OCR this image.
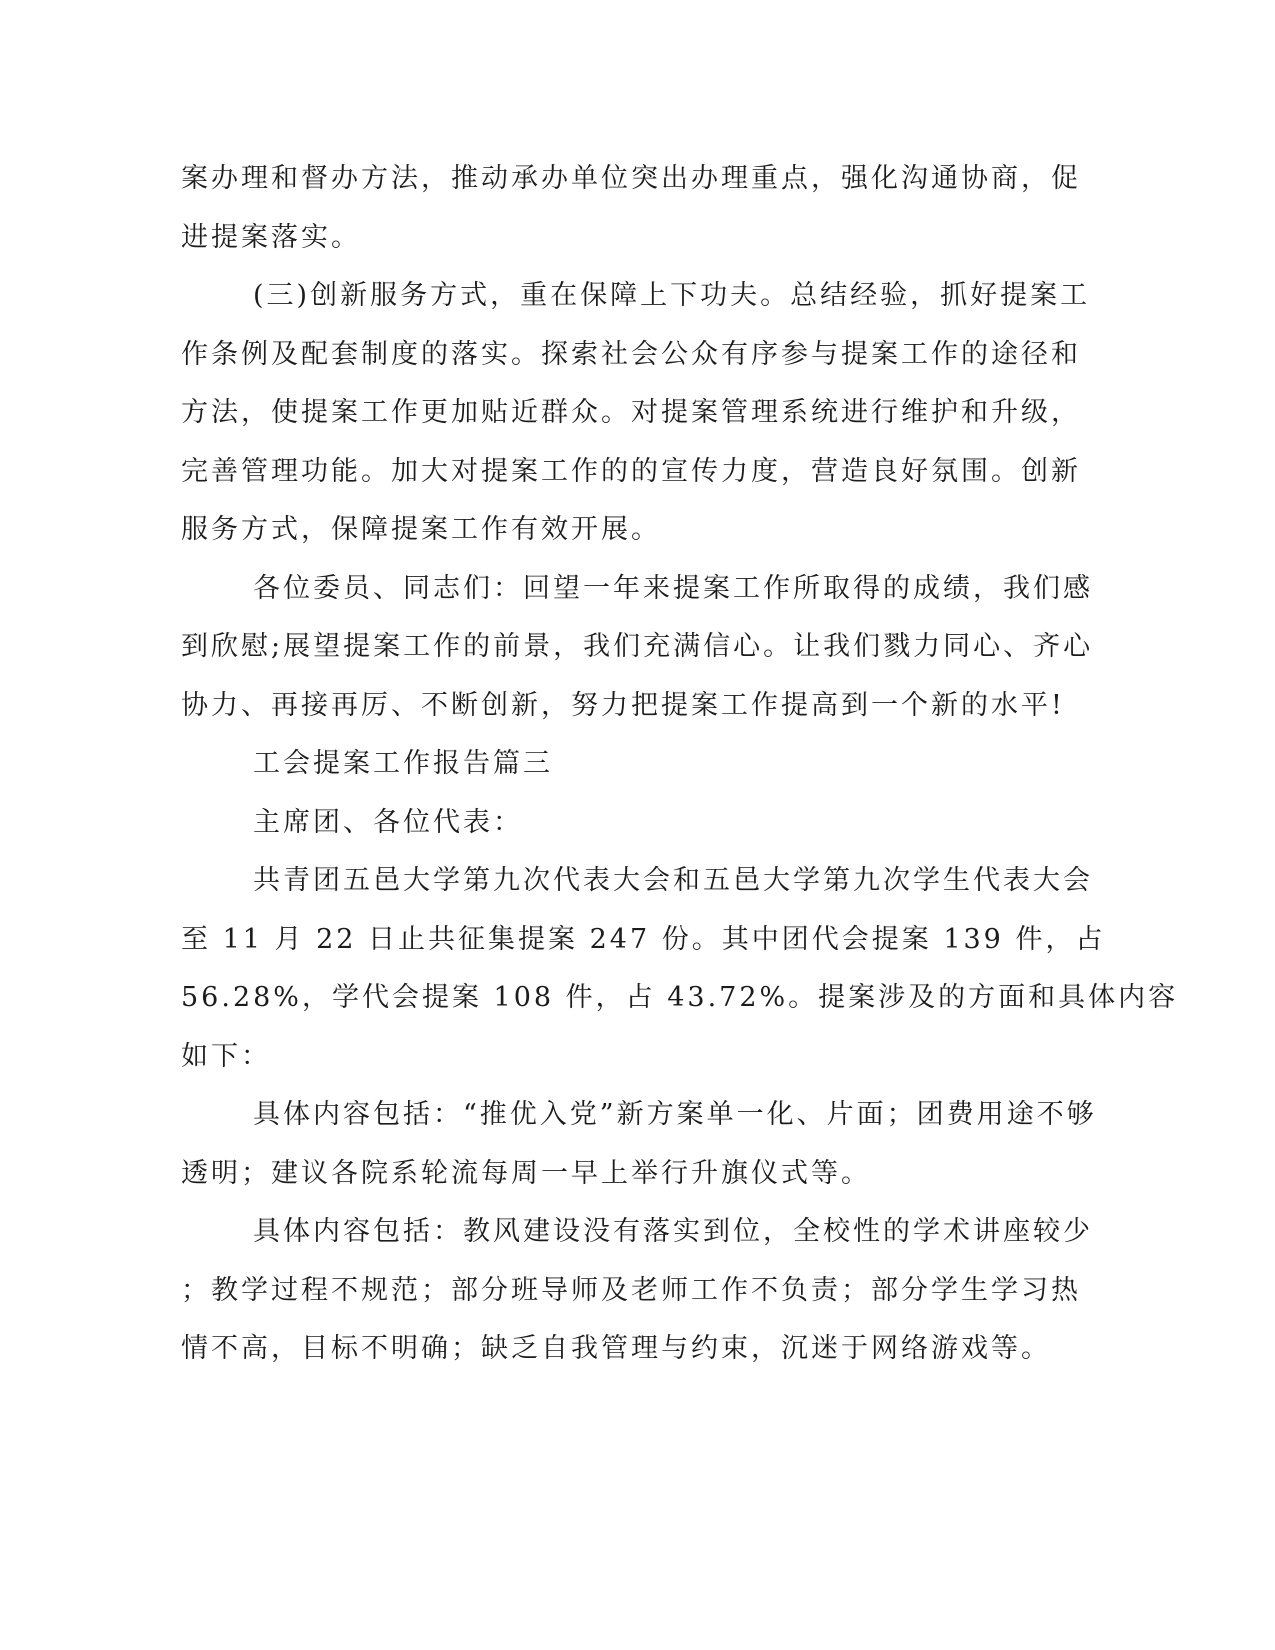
案办理和督办方法，推动承办单位突出办理重点，强化沟通协商，促
进提案落实。
(三)创新服务方式，重在保障上下功夫。总结经验，抓好提案工
作条例及配套制度的落实。探索社会公众有序参与提案工作的途径和
方法，使提案工作更加贴近群众。对提案管理系统进行维护和升级，
完善管理功能。加大对提案工作的的宣传力度，营造良好氛围。创新
服务方式，保障提案工作有效开展。
各位委员、同志们：回望一年来提案工作所取得的成绩，我们感
到欣慰;展望提案工作的前景，我们充满信心。让我们戮力同心、齐心
协力、再接再厉、不断创新，努力把提案工作提高到一个新的水平!
工会提案工作报告篇三
主席团、各位代表：
共青团五邑大学第九次代表大会和五邑大学第九次学生代表大会
至 11 月 22 日止共征集提案 247 份。其中团代会提案 139 件，占
56.28%，学代会提案 108 件，占 43.72%。提案涉及的方面和具体内容
如下：
具体内容包括：“推优入党”新方案单一化、片面；团费用途不够
透明；建议各院系轮流每周一早上举行升旗仪式等。
具体内容包括：教风建设没有落实到位，全校性的学术讲座较少
；教学过程不规范；部分班导师及老师工作不负责；部分学生学习热
情不高，目标不明确；缺乏自我管理与约束，沉迷于网络游戏等。
